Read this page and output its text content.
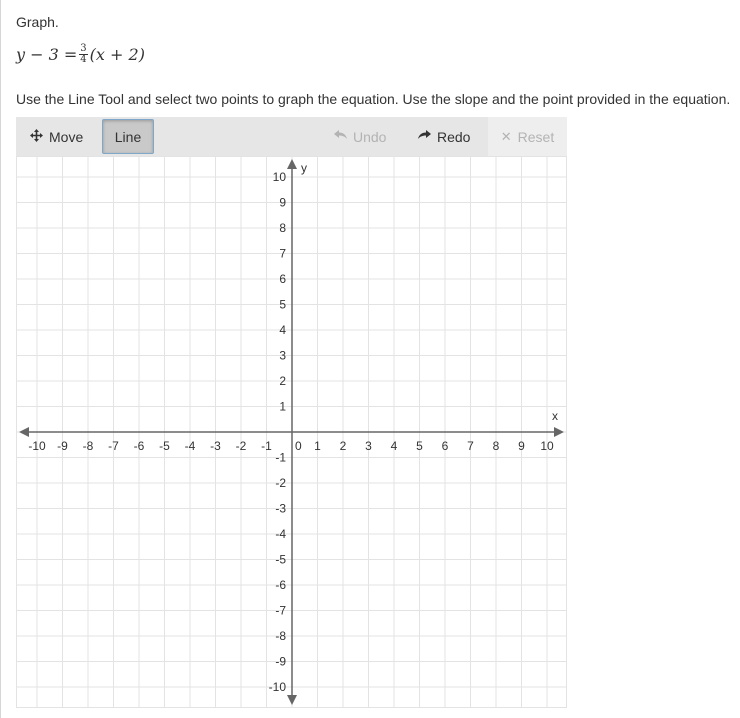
Graph.
$y - 3 = \frac{3}{4} (x + 2)$
Use the Line Tool and select two points to graph the equation. Use the slope and the point provided in the equation.
Move Line	Undo	Redo ✕ Reset
x
y
0
-10 -9 -8 -7 -6 -5 -4 -3 -2 -1	1 2 3 4 5 6 7 8 9 10
10
9
8
7
6
5
4
3
2
1
-1
-2
-3
-4
-5
-6
-7
-8
-9
-10
